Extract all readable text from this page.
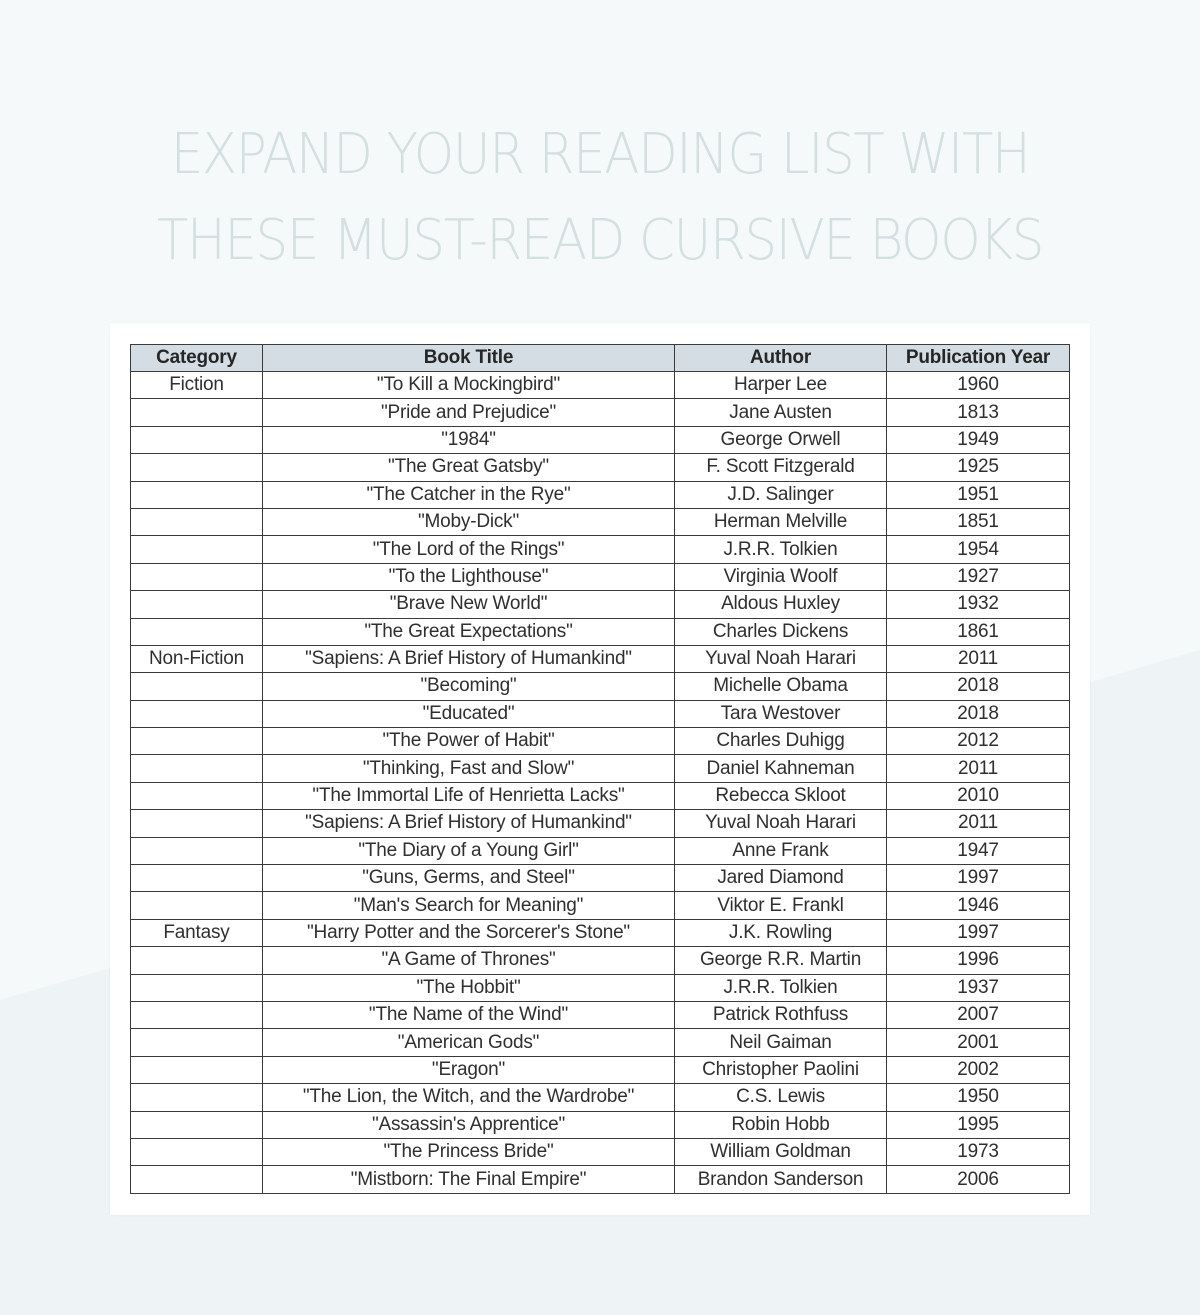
EXPAND YOUR READING LIST WITH
THESE MUST-READ CURSIVE BOOKS
Category	Book Title	Author	Publication Year
Fiction	"To Kill a Mockingbird"	Harper Lee	1960
	"Pride and Prejudice"	Jane Austen	1813
	"1984"	George Orwell	1949
	"The Great Gatsby"	F. Scott Fitzgerald	1925
	"The Catcher in the Rye"	J.D. Salinger	1951
	"Moby-Dick"	Herman Melville	1851
	"The Lord of the Rings"	J.R.R. Tolkien	1954
	"To the Lighthouse"	Virginia Woolf	1927
	"Brave New World"	Aldous Huxley	1932
	"The Great Expectations"	Charles Dickens	1861
Non-Fiction	"Sapiens: A Brief History of Humankind"	Yuval Noah Harari	2011
	"Becoming"	Michelle Obama	2018
	"Educated"	Tara Westover	2018
	"The Power of Habit"	Charles Duhigg	2012
	"Thinking, Fast and Slow"	Daniel Kahneman	2011
	"The Immortal Life of Henrietta Lacks"	Rebecca Skloot	2010
	"Sapiens: A Brief History of Humankind"	Yuval Noah Harari	2011
	"The Diary of a Young Girl"	Anne Frank	1947
	"Guns, Germs, and Steel"	Jared Diamond	1997
	"Man's Search for Meaning"	Viktor E. Frankl	1946
Fantasy	"Harry Potter and the Sorcerer's Stone"	J.K. Rowling	1997
	"A Game of Thrones"	George R.R. Martin	1996
	"The Hobbit"	J.R.R. Tolkien	1937
	"The Name of the Wind"	Patrick Rothfuss	2007
	"American Gods"	Neil Gaiman	2001
	"Eragon"	Christopher Paolini	2002
	"The Lion, the Witch, and the Wardrobe"	C.S. Lewis	1950
	"Assassin's Apprentice"	Robin Hobb	1995
	"The Princess Bride"	William Goldman	1973
	"Mistborn: The Final Empire"	Brandon Sanderson	2006
